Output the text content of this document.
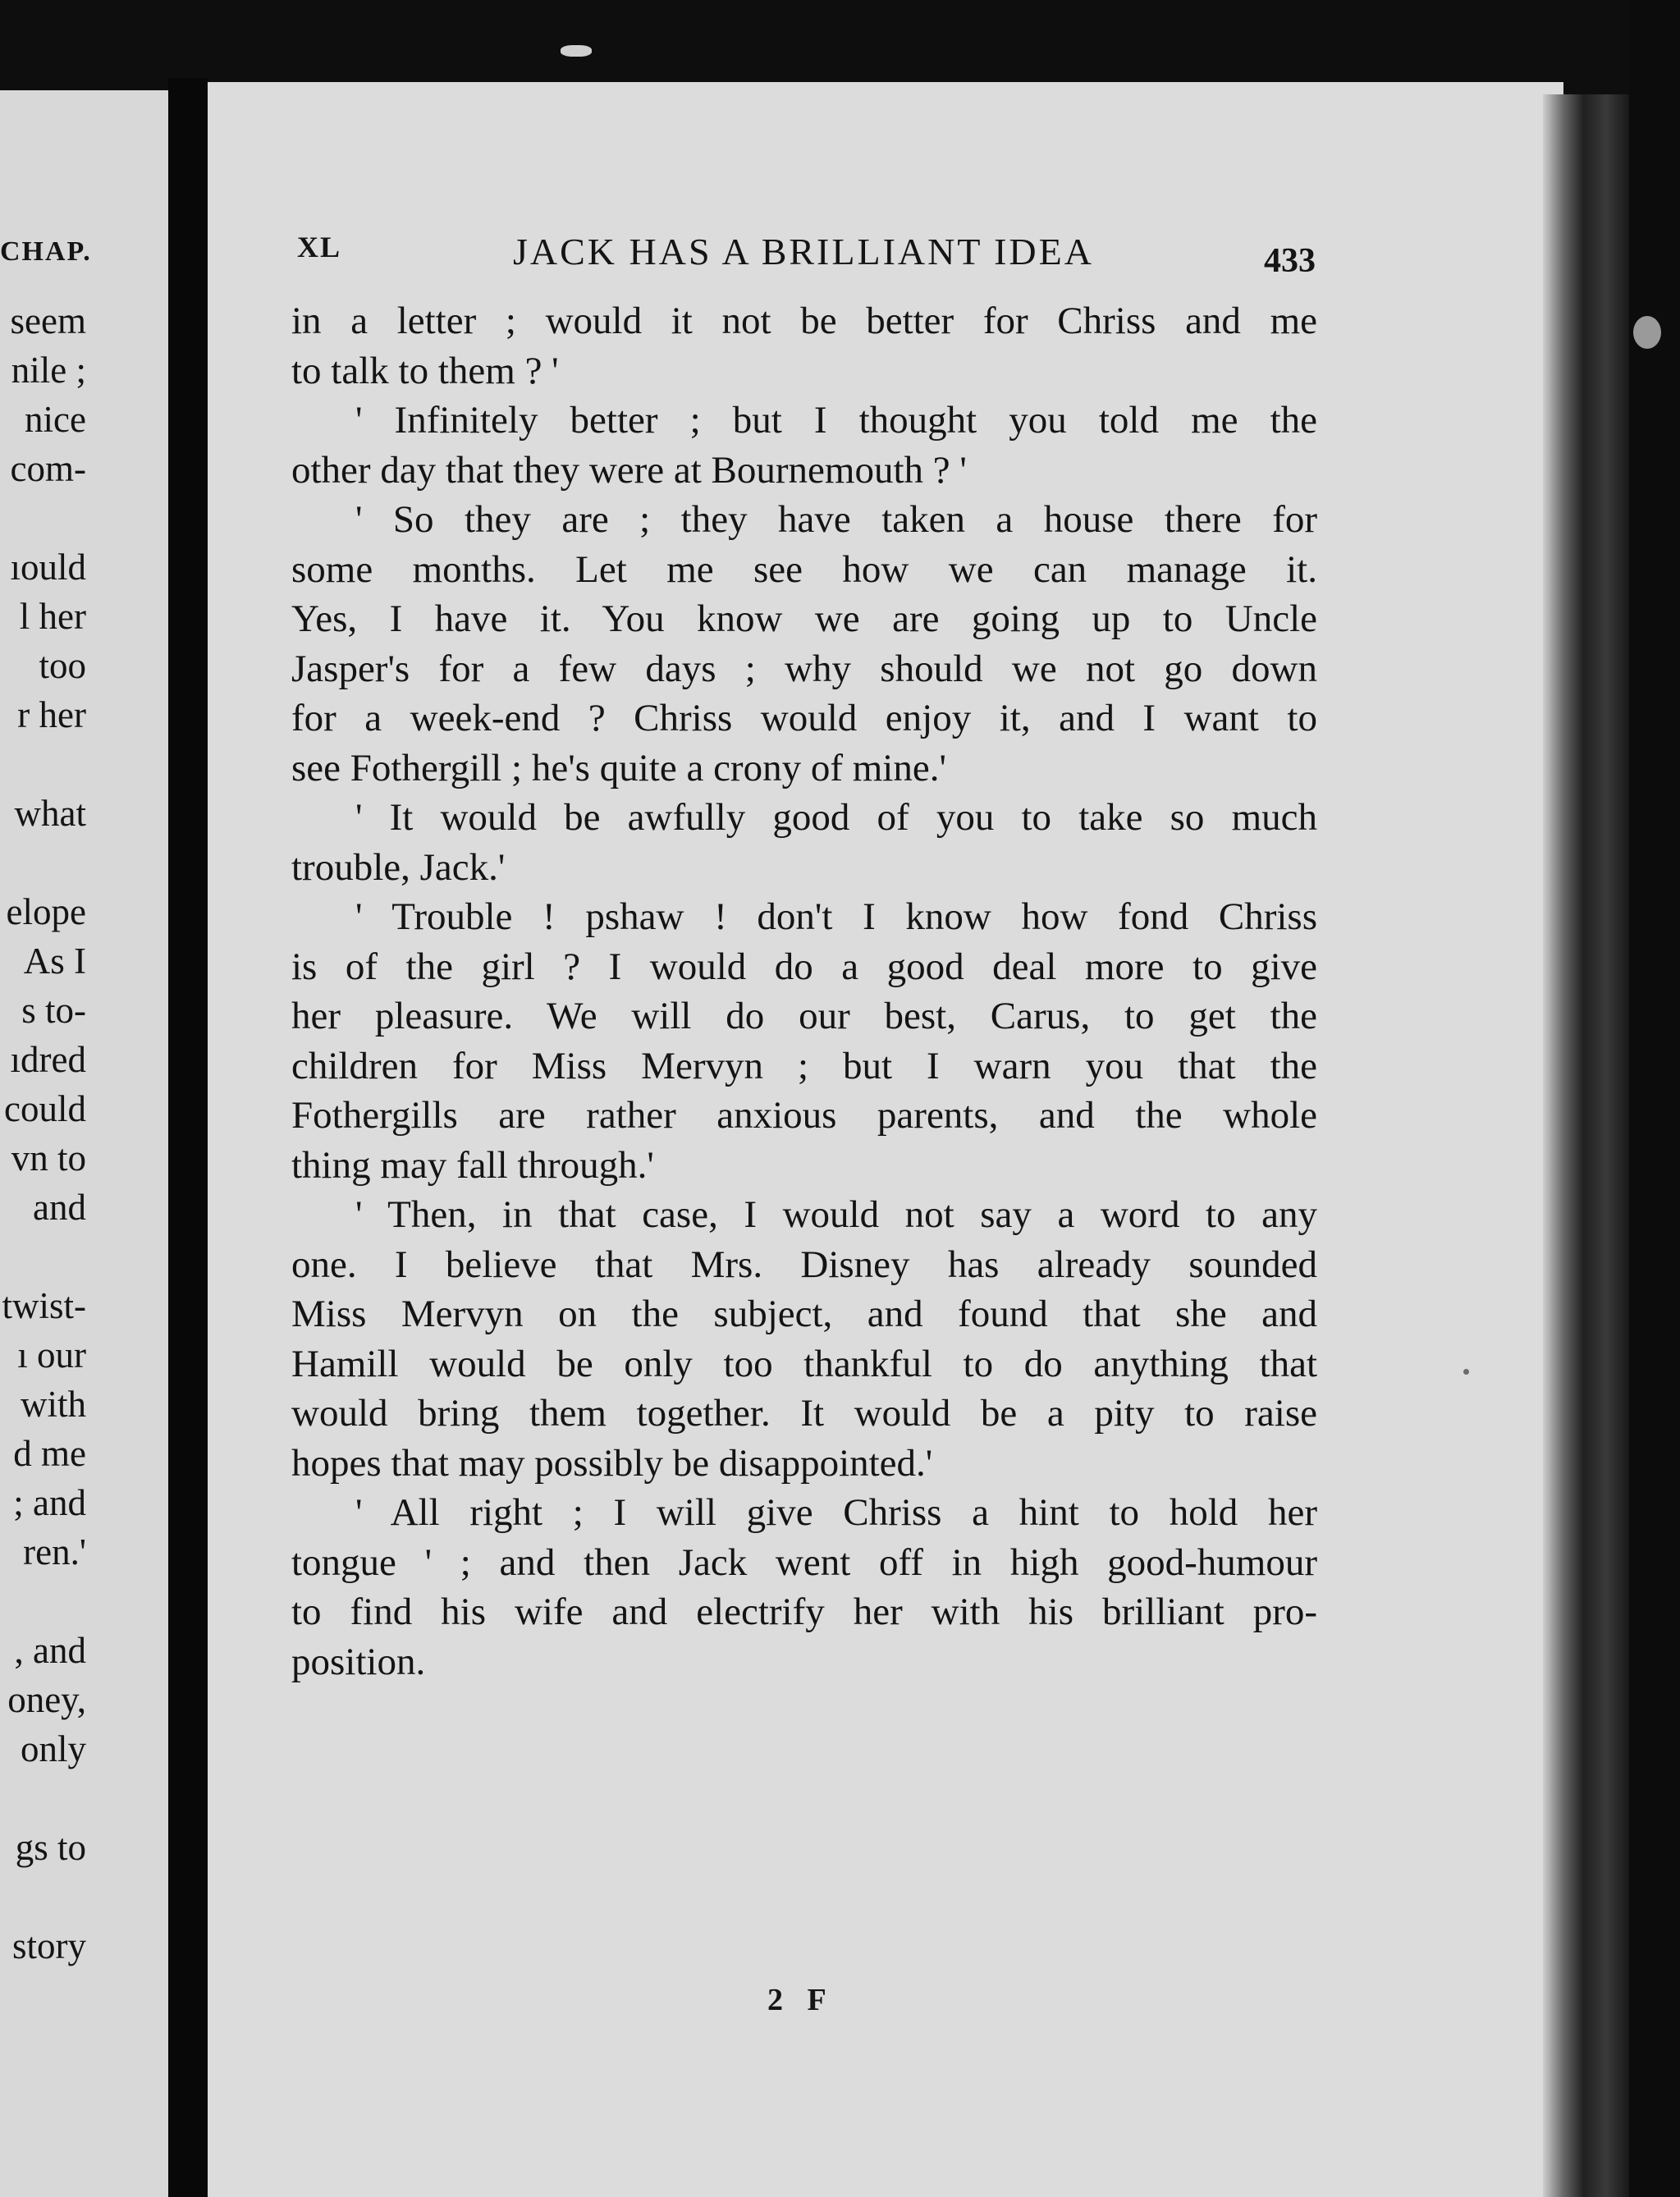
CHAP.
seem
nile ;
nice
com-
ıould
l her
too
r her
what
elope
As I
s to-
ıdred
could
vn to
and
twist-
ı our
with
d me
; and
ren.'
, and
oney,
only
gs to
story
XL	JACK HAS A BRILLIANT IDEA	433
in a letter ; would it not be better for Chriss and me
to talk to them ? '
' Infinitely better ; but I thought you told me the
other day that they were at Bournemouth ? '
' So they are ; they have taken a house there for
some months. Let me see how we can manage it.
Yes, I have it. You know we are going up to Uncle
Jasper's for a few days ; why should we not go down
for a week-end ? Chriss would enjoy it, and I want to
see Fothergill ; he's quite a crony of mine.'
' It would be awfully good of you to take so much
trouble, Jack.'
' Trouble ! pshaw ! don't I know how fond Chriss
is of the girl ? I would do a good deal more to give
her pleasure. We will do our best, Carus, to get the
children for Miss Mervyn ; but I warn you that the
Fothergills are rather anxious parents, and the whole
thing may fall through.'
' Then, in that case, I would not say a word to any
one. I believe that Mrs. Disney has already sounded
Miss Mervyn on the subject, and found that she and
Hamill would be only too thankful to do anything that
would bring them together. It would be a pity to raise
hopes that may possibly be disappointed.'
' All right ; I will give Chriss a hint to hold her
tongue ' ; and then Jack went off in high good-humour
to find his wife and electrify her with his brilliant pro-
position.
2 F
